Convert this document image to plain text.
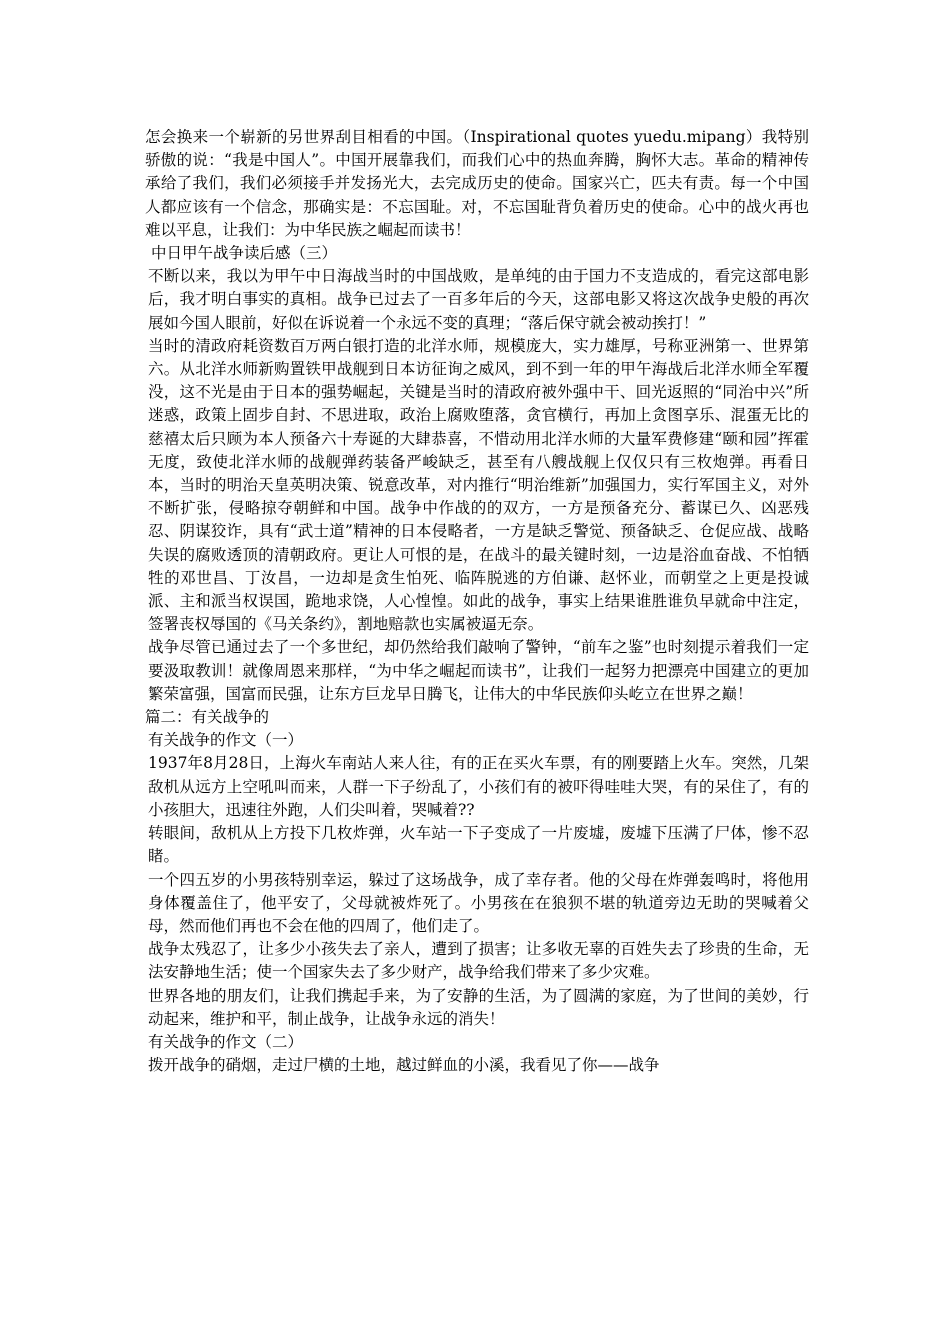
怎会换来一个崭新的另世界刮目相看的中国。（Inspirational quotes yuedu.mipang）我特别骄傲的说：“我是中国人”。中国开展靠我们，而我们心中的热血奔腾，胸怀大志。革命的精神传承给了我们，我们必须接手并发扬光大，去完成历史的使命。国家兴亡，匹夫有责。每一个中国人都应该有一个信念，那确实是：不忘国耻。对，不忘国耻背负着历史的使命。心中的战火再也难以平息，让我们：为中华民族之崛起而读书！

中日甲午战争读后感（三）

不断以来，我以为甲午中日海战当时的中国战败，是单纯的由于国力不支造成的，看完这部电影后，我才明白事实的真相。战争已过去了一百多年后的今天，这部电影又将这次战争史般的再次展如今国人眼前，好似在诉说着一个永远不变的真理；“落后保守就会被动挨打！”

当时的清政府耗资数百万两白银打造的北洋水师，规模庞大，实力雄厚，号称亚洲第一、世界第六。从北洋水师新购置铁甲战舰到日本访征询之威风，到不到一年的甲午海战后北洋水师全军覆没，这不光是由于日本的强势崛起，关键是当时的清政府被外强中干、回光返照的“同治中兴”所迷惑，政策上固步自封、不思进取，政治上腐败堕落，贪官横行，再加上贪图享乐、混蛋无比的慈禧太后只顾为本人预备六十寿诞的大肆恭喜，不惜动用北洋水师的大量军费修建“颐和园”挥霍无度，致使北洋水师的战舰弹药装备严峻缺乏，甚至有八艘战舰上仅仅只有三枚炮弹。再看日本，当时的明治天皇英明决策、锐意改革，对内推行“明治维新”加强国力，实行军国主义，对外不断扩张，侵略掠夺朝鲜和中国。战争中作战的的双方，一方是预备充分、蓄谋已久、凶恶残忍、阴谋狡诈，具有“武士道”精神的日本侵略者，一方是缺乏警觉、预备缺乏、仓促应战、战略失误的腐败透顶的清朝政府。更让人可恨的是，在战斗的最关键时刻，一边是浴血奋战、不怕牺牲的邓世昌、丁汝昌，一边却是贪生怕死、临阵脱逃的方伯谦、赵怀业，而朝堂之上更是投诚派、主和派当权误国，跪地求饶，人心惶惶。如此的战争，事实上结果谁胜谁负早就命中注定，签署丧权辱国的《马关条约》，割地赔款也实属被逼无奈。

战争尽管已通过去了一个多世纪，却仍然给我们敲响了警钟，“前车之鉴”也时刻提示着我们一定要汲取教训！就像周恩来那样，“为中华之崛起而读书”，让我们一起努力把漂亮中国建立的更加繁荣富强，国富而民强，让东方巨龙早日腾飞，让伟大的中华民族仰头屹立在世界之巅！

篇二：有关战争的

有关战争的作文（一）

1937年8月28日，上海火车南站人来人往，有的正在买火车票，有的刚要踏上火车。突然，几架敌机从远方上空吼叫而来，人群一下子纷乱了，小孩们有的被吓得哇哇大哭，有的呆住了，有的小孩胆大，迅速往外跑，人们尖叫着，哭喊着??

转眼间，敌机从上方投下几枚炸弹，火车站一下子变成了一片废墟，废墟下压满了尸体，惨不忍睹。

一个四五岁的小男孩特别幸运，躲过了这场战争，成了幸存者。他的父母在炸弹轰鸣时，将他用身体覆盖住了，他平安了，父母就被炸死了。小男孩在在狼狈不堪的轨道旁边无助的哭喊着父母，然而他们再也不会在他的四周了，他们走了。

战争太残忍了，让多少小孩失去了亲人，遭到了损害；让多收无辜的百姓失去了珍贵的生命，无法安静地生活；使一个国家失去了多少财产，战争给我们带来了多少灾难。

世界各地的朋友们，让我们携起手来，为了安静的生活，为了圆满的家庭，为了世间的美妙，行动起来，维护和平，制止战争，让战争永远的消失！

有关战争的作文（二）

拨开战争的硝烟，走过尸横的土地，越过鲜血的小溪，我看见了你——战争
